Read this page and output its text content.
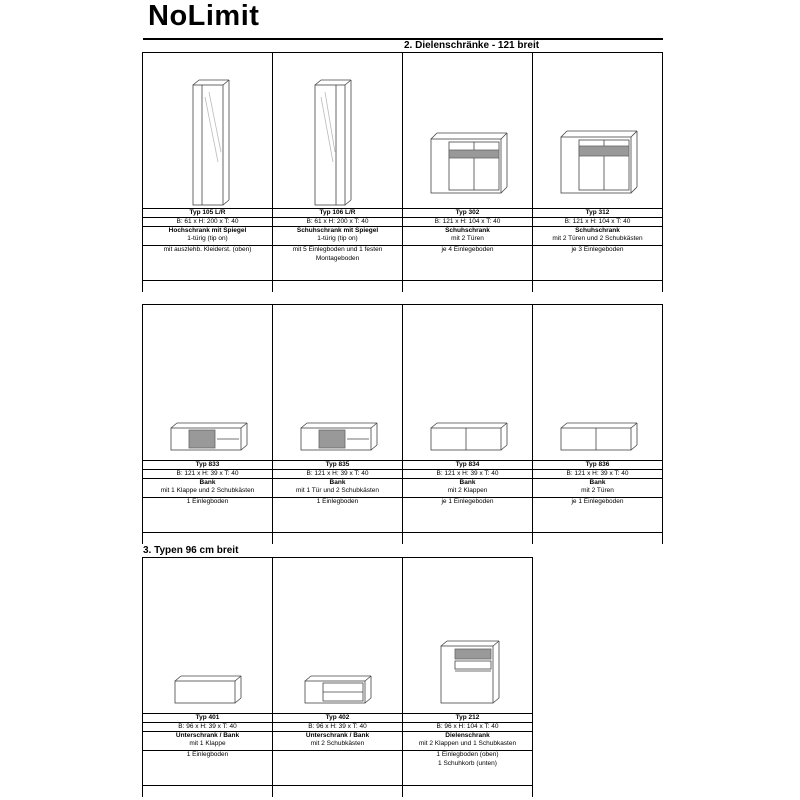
NoLimit
2. Dielenschränke - 121 breit
Typ 105 L/R
B: 61 x H: 200 x T: 40
Hochschrank mit Spiegel
1-türig (tip on)
mit auszlehb. Kleiderst. (oben)
Typ 106 L/R
B: 61 x H: 200 x T: 40
Schuhschrank mit Spiegel
1-türig (tip on)
mit 5 Einlegboden und 1 festen
Montageboden
Typ 302
B: 121 x H: 104 x T: 40
Schuhschrank
mit 2 Türen
je 4 Einlegeboden
Typ 312
B: 121 x H: 104 x T: 40
Schuhschrank
mit 2 Türen und 2 Schubkästen
je 3 Einlegeboden
Typ 833
B: 121 x H: 39 x T: 40
Bank
mit 1 Klappe und 2 Schubkästen
1 Einlegboden
Typ 835
B: 121 x H: 39 x T: 40
Bank
mit 1 Tür und 2 Schubkästen
1 Einlegboden
Typ 834
B: 121 x H: 39 x T: 40
Bank
mit 2 Klappen
je 1 Einlegeboden
Typ 836
B: 121 x H: 39 x T: 40
Bank
mit 2 Türen
je 1 Einlegeboden
3. Typen 96 cm breit
Typ 401
B: 96 x H: 39 x T: 40
Unterschrank / Bank
mit 1 Klappe
1 Einlegboden
Typ 402
B: 96 x H: 39 x T: 40
Unterschrank / Bank
mit 2 Schubkästen
Typ 212
B: 96 x H: 104 x T: 40
Dielenschrank
mit 2 Klappen und 1 Schubkasten
1 Einlegboden (oben)
1 Schuhkorb (unten)
